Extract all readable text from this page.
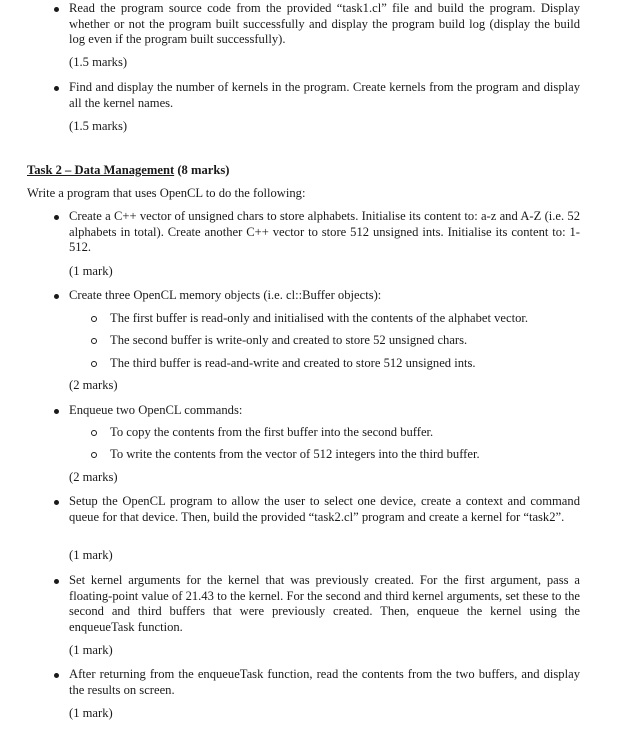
Read the program source code from the provided “task1.cl” file and build the program. Display whether or not the program built successfully and display the program build log (display the build log even if the program built successfully).
(1.5 marks)
Find and display the number of kernels in the program. Create kernels from the program and display all the kernel names.
(1.5 marks)
Task 2 – Data Management (8 marks)
Write a program that uses OpenCL to do the following:
Create a C++ vector of unsigned chars to store alphabets. Initialise its content to: a-z and A-Z (i.e. 52 alphabets in total). Create another C++ vector to store 512 unsigned ints. Initialise its content to: 1-512.
(1 mark)
Create three OpenCL memory objects (i.e. cl::Buffer objects):
The first buffer is read-only and initialised with the contents of the alphabet vector.
The second buffer is write-only and created to store 52 unsigned chars.
The third buffer is read-and-write and created to store 512 unsigned ints.
(2 marks)
Enqueue two OpenCL commands:
To copy the contents from the first buffer into the second buffer.
To write the contents from the vector of 512 integers into the third buffer.
(2 marks)
Setup the OpenCL program to allow the user to select one device, create a context and command queue for that device. Then, build the provided “task2.cl” program and create a kernel for “task2”.
(1 mark)
Set kernel arguments for the kernel that was previously created. For the first argument, pass a floating-point value of 21.43 to the kernel. For the second and third kernel arguments, set these to the second and third buffers that were previously created. Then, enqueue the kernel using the enqueueTask function.
(1 mark)
After returning from the enqueueTask function, read the contents from the two buffers, and display the results on screen.
(1 mark)
